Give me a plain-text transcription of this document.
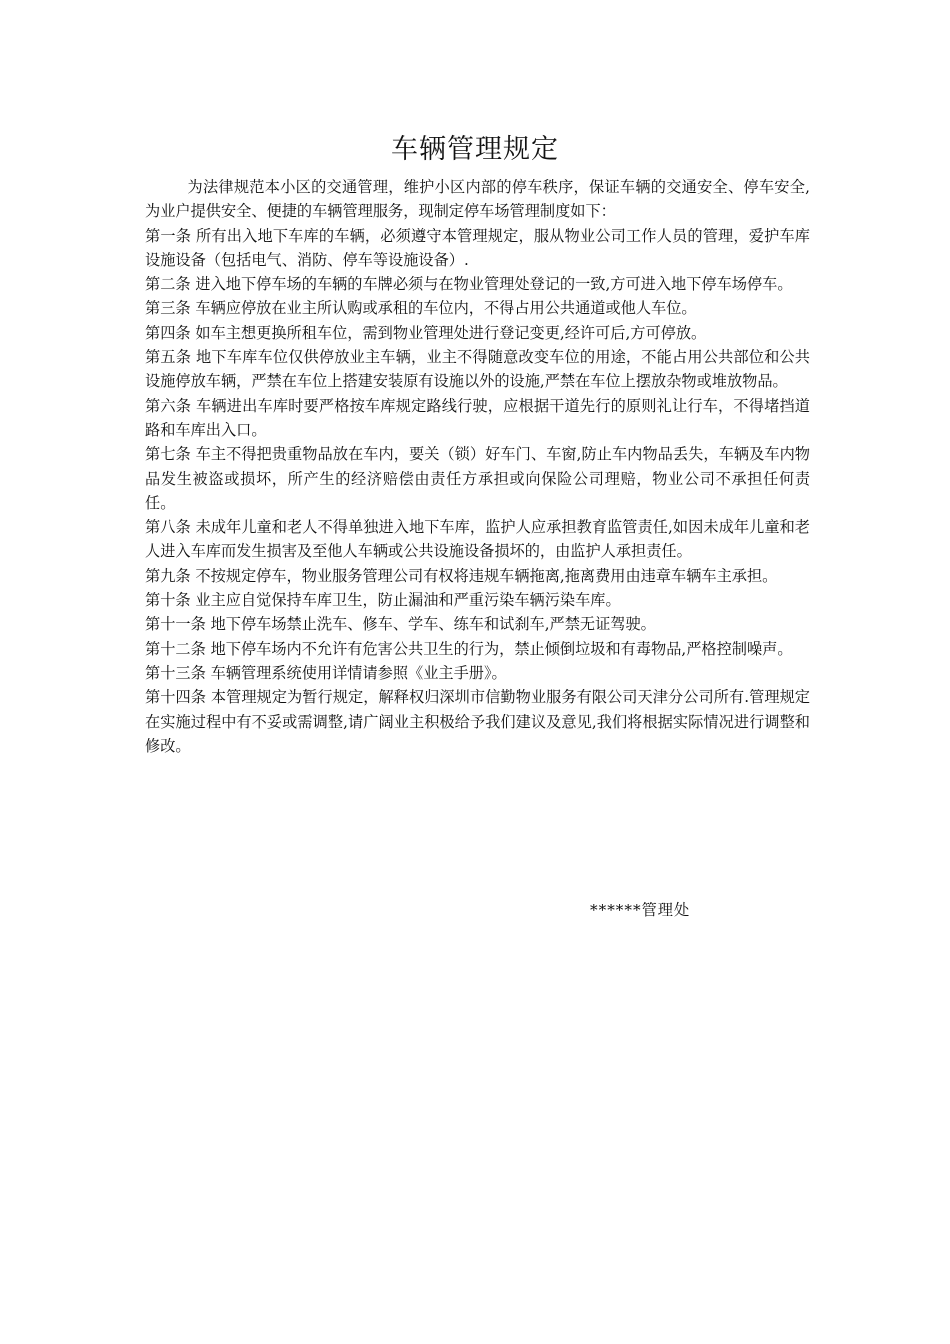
车辆管理规定

为法律规范本小区的交通管理，维护小区内部的停车秩序，保证车辆的交通安全、停车安全,为业户提供安全、便捷的车辆管理服务，现制定停车场管理制度如下：

第一条 所有出入地下车库的车辆，必须遵守本管理规定，服从物业公司工作人员的管理，爱护车库设施设备（包括电气、消防、停车等设施设备）.

第二条 进入地下停车场的车辆的车牌必须与在物业管理处登记的一致,方可进入地下停车场停车。

第三条 车辆应停放在业主所认购或承租的车位内，不得占用公共通道或他人车位。

第四条 如车主想更换所租车位，需到物业管理处进行登记变更,经许可后,方可停放。

第五条 地下车库车位仅供停放业主车辆，业主不得随意改变车位的用途，不能占用公共部位和公共设施停放车辆，严禁在车位上搭建安装原有设施以外的设施,严禁在车位上摆放杂物或堆放物品。

第六条 车辆进出车库时要严格按车库规定路线行驶，应根据干道先行的原则礼让行车，不得堵挡道路和车库出入口。

第七条 车主不得把贵重物品放在车内，要关（锁）好车门、车窗,防止车内物品丢失，车辆及车内物品发生被盗或损坏，所产生的经济赔偿由责任方承担或向保险公司理赔，物业公司不承担任何责任。

第八条 未成年儿童和老人不得单独进入地下车库，监护人应承担教育监管责任,如因未成年儿童和老人进入车库而发生损害及至他人车辆或公共设施设备损坏的，由监护人承担责任。

第九条 不按规定停车，物业服务管理公司有权将违规车辆拖离,拖离费用由违章车辆车主承担。

第十条 业主应自觉保持车库卫生，防止漏油和严重污染车辆污染车库。

第十一条 地下停车场禁止洗车、修车、学车、练车和试刹车,严禁无证驾驶。

第十二条 地下停车场内不允许有危害公共卫生的行为，禁止倾倒垃圾和有毒物品,严格控制噪声。

第十三条 车辆管理系统使用详情请参照《业主手册》。

第十四条 本管理规定为暂行规定，解释权归深圳市信勤物业服务有限公司天津分公司所有.管理规定在实施过程中有不妥或需调整,请广阔业主积极给予我们建议及意见,我们将根据实际情况进行调整和修改。

******管理处
